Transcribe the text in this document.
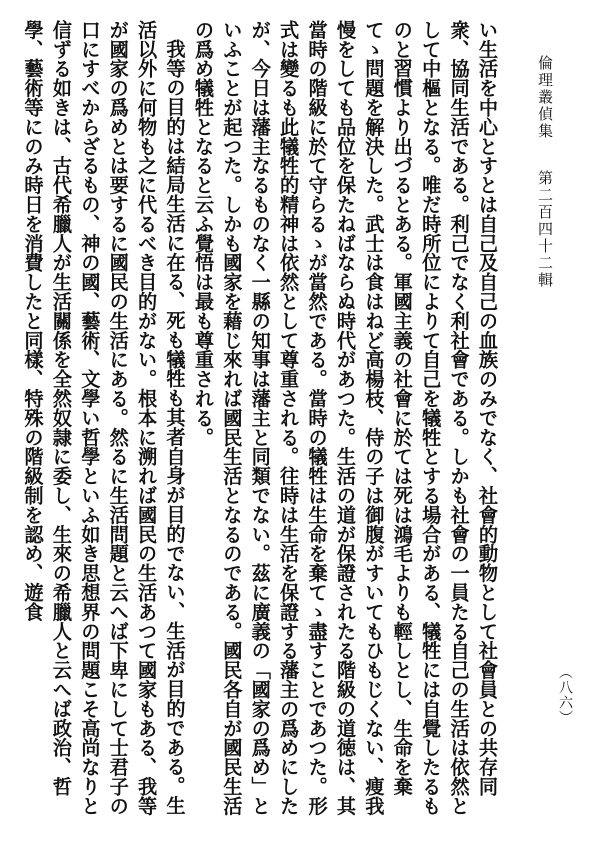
倫理叢偵集第二百四十二輯
（八六）

い生活を中心とすとは自己及自己の血族のみでなく、社會的動物として社會員との共存同衆、協同生活である。利己でなく利社會である。しかも社會の一員たる自己の生活は依然として中樞となる。唯だ時所位によりて自己を犠牲とする場合がある、犠牲には自覺したるものと習慣より出づるとある。軍國主義の社會に於ては死は鴻毛よりも輕しとし、生命を棄てゝ問題を解決した。武士は食はねど高楊枝、侍の子は御腹がすいてもひもじくない、痩我慢をしても品位を保たねばならぬ時代があつた。生活の道が保證されたる階級の道徳は、其當時の階級に於て守らるゝが當然である。當時の犠牲は生命を棄てゝ盡すことであつた。形式は變るも此犠牲的精神は依然として尊重される。往時は生活を保證する藩主の爲めにしたが、今日は藩主なるものなく一縣の知事は藩主と同類でない。茲に廣義の「國家の爲め」といふことが起つた。しかも國家を藉じ來れば國民生活となるのである。國民各自が國民生活の爲め犠牲となると云ふ覺悟は最も尊重される。

我等の目的は結局生活に在る、死も犠牲も其者自身が目的でない、生活が目的である。生活以外に何物も之に代るべき目的がない。根本に溯れば國民の生活あつて國家もある、我等が國家の爲めとは要するに國民の生活にある。然るに生活問題と云へば下卑にして士君子の口にすべからざるもの、神の國、藝術、文學い哲學といふ如き思想界の問題こそ高尚なりと信ずる如きは、古代希臘人が生活關係を全然奴隷に委し、生來の希臘人と云へば政治、哲學、藝術等にのみ時日を消費したと同樣、特殊の階級制を認め、遊食
